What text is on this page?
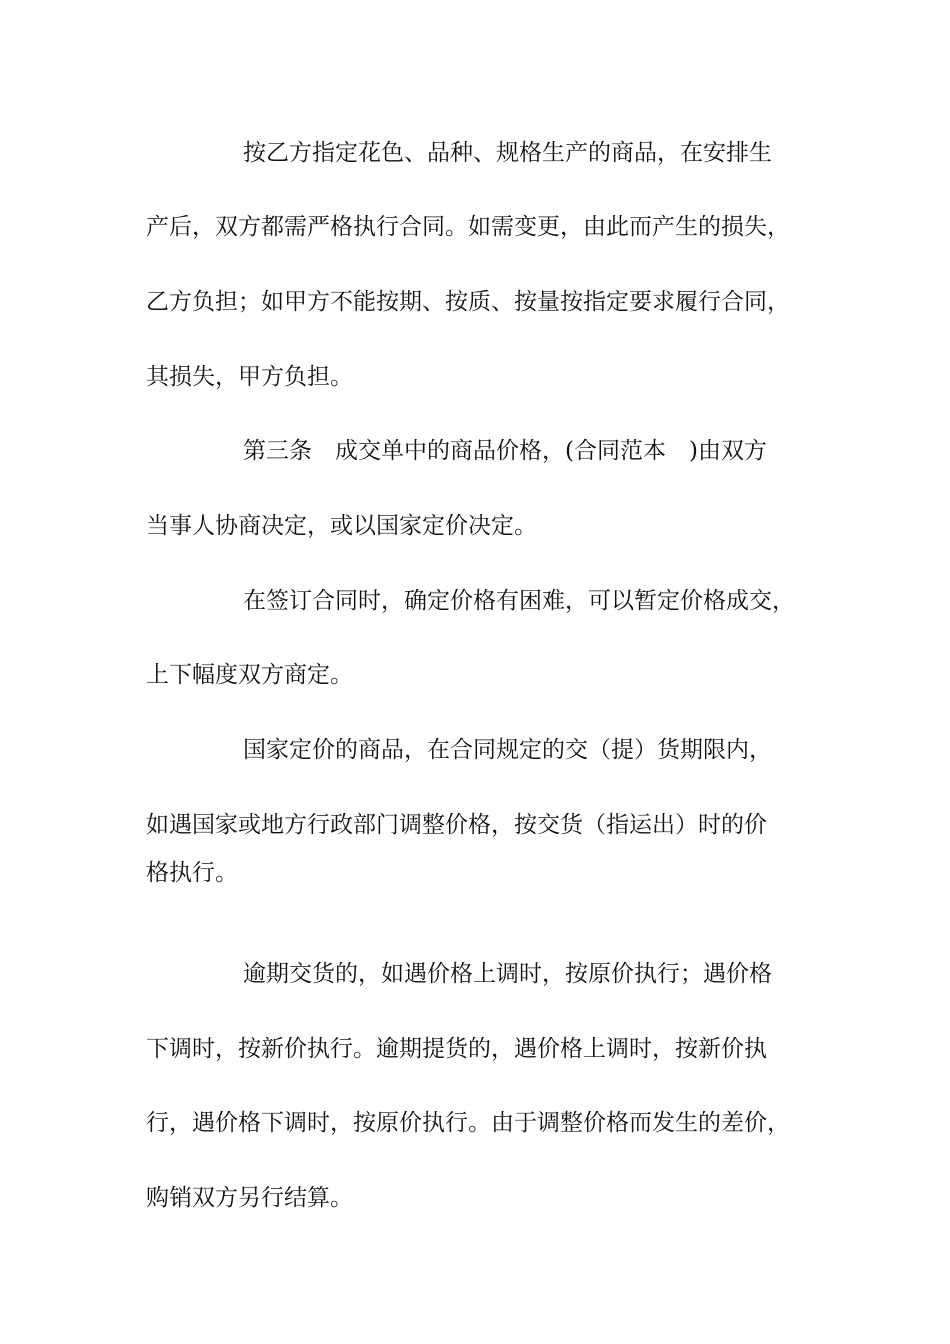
按乙方指定花色、品种、规格生产的商品，在安排生
产后，双方都需严格执行合同。如需变更，由此而产生的损失，
乙方负担；如甲方不能按期、按质、按量按指定要求履行合同，
其损失，甲方负担。
第三条　成交单中的商品价格，(合同范本　)由双方
当事人协商决定，或以国家定价决定。
在签订合同时，确定价格有困难，可以暂定价格成交，
上下幅度双方商定。
国家定价的商品，在合同规定的交（提）货期限内，
如遇国家或地方行政部门调整价格，按交货（指运出）时的价
格执行。
逾期交货的，如遇价格上调时，按原价执行；遇价格
下调时，按新价执行。逾期提货的，遇价格上调时，按新价执
行，遇价格下调时，按原价执行。由于调整价格而发生的差价，
购销双方另行结算。
